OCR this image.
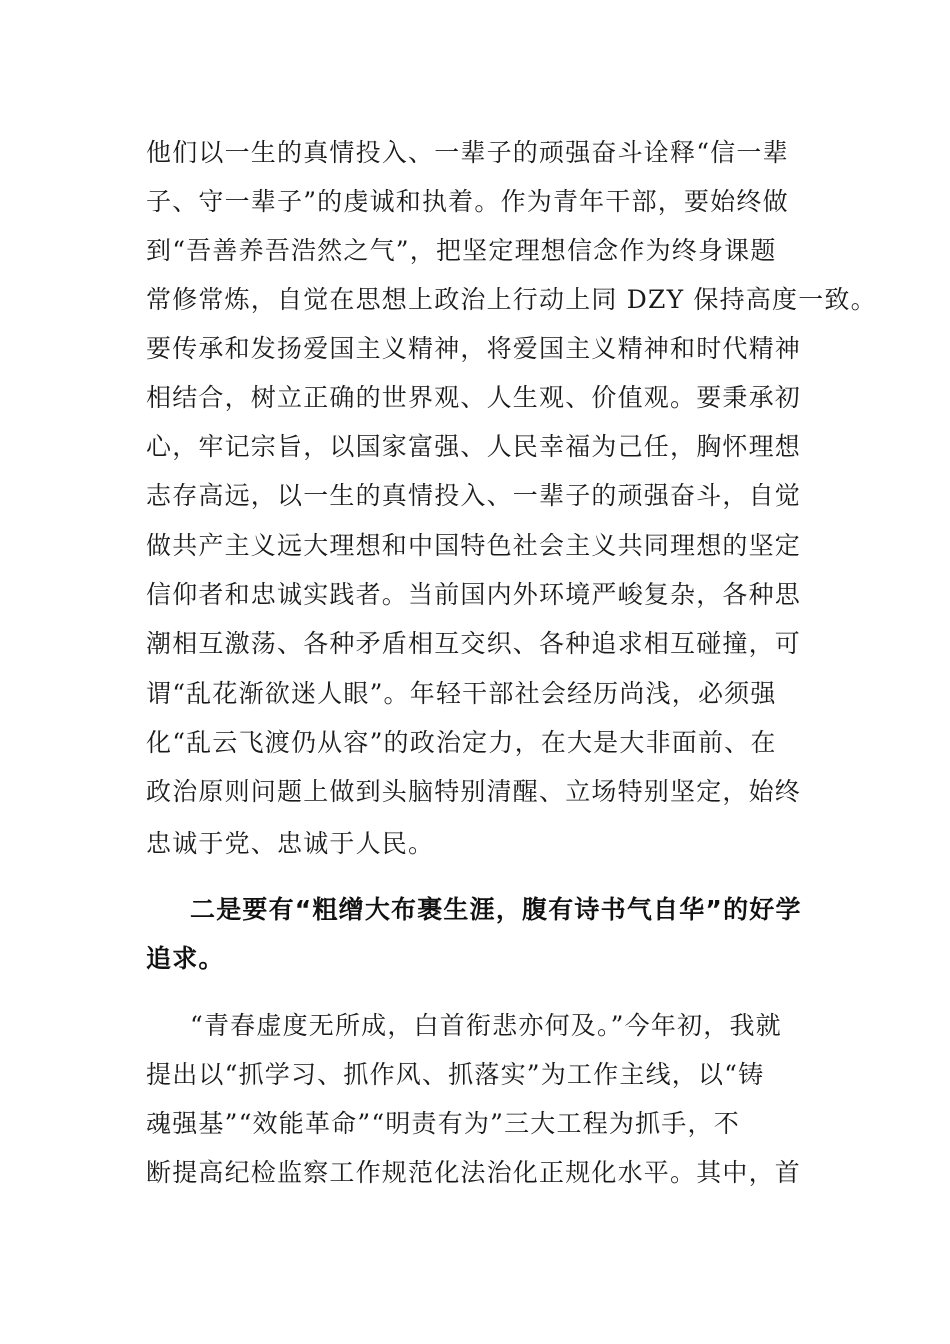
他们以一生的真情投入、一辈子的顽强奋斗诠释“信一辈
子、守一辈子”的虔诚和执着。作为青年干部，要始终做
到“吾善养吾浩然之气”，把坚定理想信念作为终身课题
常修常炼，自觉在思想上政治上行动上同 DZY 保持高度一致。
要传承和发扬爱国主义精神，将爱国主义精神和时代精神
相结合，树立正确的世界观、人生观、价值观。要秉承初
心，牢记宗旨，以国家富强、人民幸福为己任，胸怀理想
志存高远，以一生的真情投入、一辈子的顽强奋斗，自觉
做共产主义远大理想和中国特色社会主义共同理想的坚定
信仰者和忠诚实践者。当前国内外环境严峻复杂，各种思
潮相互激荡、各种矛盾相互交织、各种追求相互碰撞，可
谓“乱花渐欲迷人眼”。年轻干部社会经历尚浅，必须强
化“乱云飞渡仍从容”的政治定力，在大是大非面前、在
政治原则问题上做到头脑特别清醒、立场特别坚定，始终
忠诚于党、忠诚于人民。
二是要有“粗缯大布裹生涯，腹有诗书气自华”的好学
追求。
“青春虚度无所成，白首衔悲亦何及。”今年初，我就
提出以“抓学习、抓作风、抓落实”为工作主线，以“铸
魂强基”“效能革命”“明责有为”三大工程为抓手，不
断提高纪检监察工作规范化法治化正规化水平。其中，首
